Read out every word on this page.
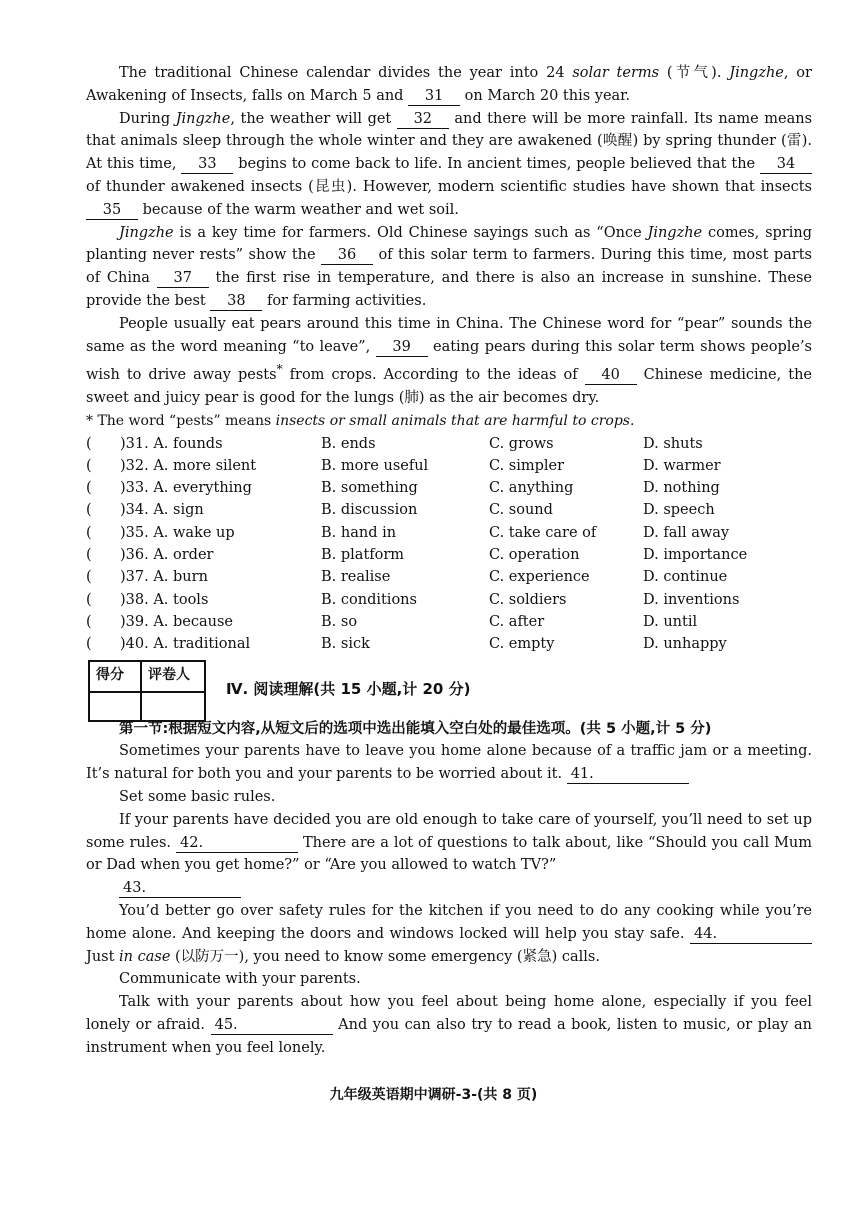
The traditional Chinese calendar divides the year into 24 solar terms (节气). Jingzhe, or Awakening of Insects, falls on March 5 and 31 on March 20 this year.

During Jingzhe, the weather will get 32 and there will be more rainfall. Its name means that animals sleep through the whole winter and they are awakened (唤醒) by spring thunder (雷). At this time, 33 begins to come back to life. In ancient times, people believed that the 34 of thunder awakened insects (昆虫). However, modern scientific studies have shown that insects 35 because of the warm weather and wet soil.

Jingzhe is a key time for farmers. Old Chinese sayings such as “Once Jingzhe comes, spring planting never rests” show the 36 of this solar term to farmers. During this time, most parts of China 37 the first rise in temperature, and there is also an increase in sunshine. These provide the best 38 for farming activities.

People usually eat pears around this time in China. The Chinese word for “pear” sounds the same as the word meaning “to leave”, 39 eating pears during this solar term shows people’s wish to drive away pests* from crops. According to the ideas of 40 Chinese medicine, the sweet and juicy pear is good for the lungs (肺) as the air becomes dry.

* The word “pests” means insects or small animals that are harmful to crops.

( )31. A. founds	B. ends	C. grows	D. shuts
( )32. A. more silent	B. more useful	C. simpler	D. warmer
( )33. A. everything	B. something	C. anything	D. nothing
( )34. A. sign	B. discussion	C. sound	D. speech
( )35. A. wake up	B. hand in	C. take care of	D. fall away
( )36. A. order	B. platform	C. operation	D. importance
( )37. A. burn	B. realise	C. experience	D. continue
( )38. A. tools	B. conditions	C. soldiers	D. inventions
( )39. A. because	B. so	C. after	D. until
( )40. A. traditional	B. sick	C. empty	D. unhappy
得分 评卷人
Ⅳ. 阅读理解(共 15 小题,计 20 分)

第一节:根据短文内容,从短文后的选项中选出能填入空白处的最佳选项。(共 5 小题,计 5 分)

Sometimes your parents have to leave you home alone because of a traffic jam or a meeting. It’s natural for both you and your parents to be worried about it. 41.

Set some basic rules.

If your parents have decided you are old enough to take care of yourself, you’ll need to set up some rules. 42.	There are a lot of questions to talk about, like “Should you call Mum or Dad when you get home?” or “Are you allowed to watch TV?”

43.

You’d better go over safety rules for the kitchen if you need to do any cooking while you’re home alone. And keeping the doors and windows locked will help you stay safe. 44. Just in case (以防万一), you need to know some emergency (紧急) calls.

Communicate with your parents.

Talk with your parents about how you feel about being home alone, especially if you feel lonely or afraid. 45.	And you can also try to read a book, listen to music, or play an instrument when you feel lonely.

九年级英语期中调研-3-(共 8 页)
